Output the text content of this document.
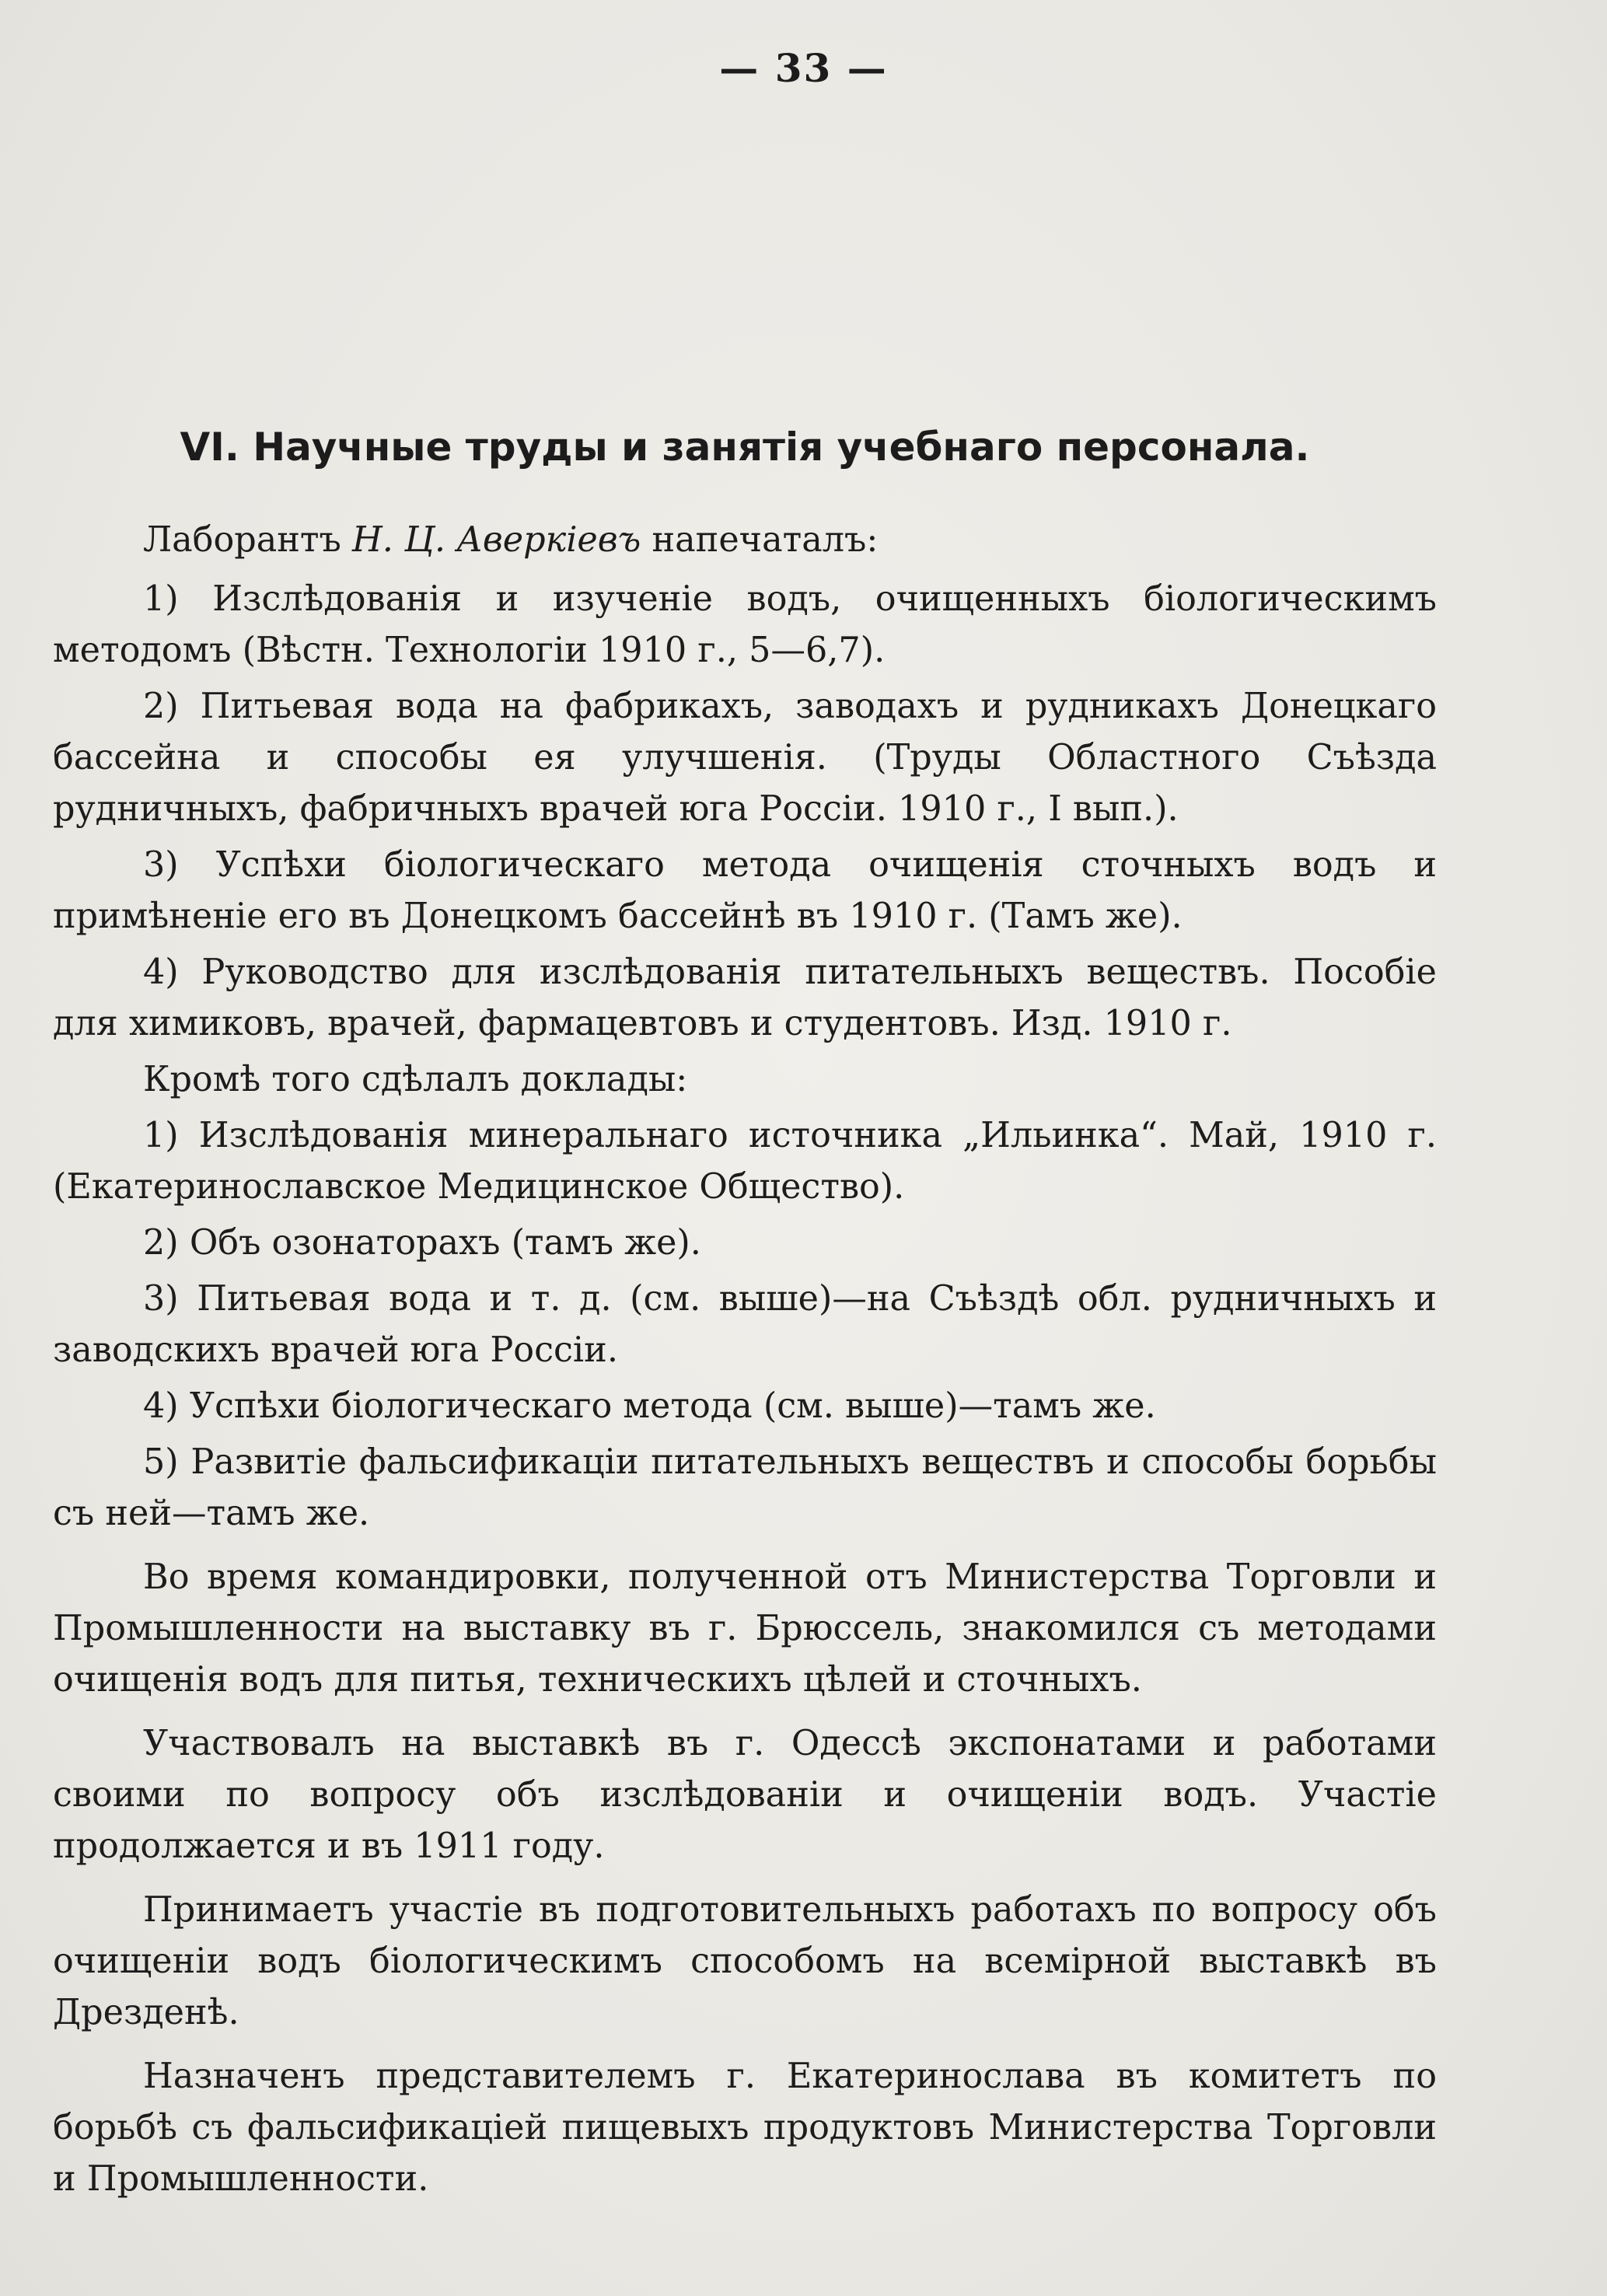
— 33 —
VI. Научные труды и занятія учебнаго персонала.

Лаборантъ Н. Ц. Аверкіевъ напечаталъ:

1) Изслѣдованія и изученіе водъ, очищенныхъ біологическимъ методомъ (Вѣстн. Технологіи 1910 г., 5—6,7).

2) Питьевая вода на фабрикахъ, заводахъ и рудникахъ Донецкаго бассейна и способы ея улучшенія. (Труды Областного Съѣзда рудничныхъ, фабричныхъ врачей юга Россіи. 1910 г., I вып.).

3) Успѣхи біологическаго метода очищенія сточныхъ водъ и примѣненіе его въ Донецкомъ бассейнѣ въ 1910 г. (Тамъ же).

4) Руководство для изслѣдованія питательныхъ веществъ. Пособіе для химиковъ, врачей, фармацевтовъ и студентовъ. Изд. 1910 г.

Кромѣ того сдѣлалъ доклады:

1) Изслѣдованія минеральнаго источника „Ильинка“. Май, 1910 г. (Екатеринославское Медицинское Общество).

2) Объ озонаторахъ (тамъ же).

3) Питьевая вода и т. д. (см. выше)—на Съѣздѣ обл. рудничныхъ и заводскихъ врачей юга Россіи.

4) Успѣхи біологическаго метода (см. выше)—тамъ же.

5) Развитіе фальсификаціи питательныхъ веществъ и способы борьбы съ ней—тамъ же.

Во время командировки, полученной отъ Министерства Торговли и Промышленности на выставку въ г. Брюссель, знакомился съ методами очищенія водъ для питья, техническихъ цѣлей и сточныхъ.

Участвовалъ на выставкѣ въ г. Одессѣ экспонатами и работами своими по вопросу объ изслѣдованіи и очищеніи водъ. Участіе продолжается и въ 1911 году.

Принимаетъ участіе въ подготовительныхъ работахъ по вопросу объ очищеніи водъ біологическимъ способомъ на всемірной выставкѣ въ Дрезденѣ.

Назначенъ представителемъ г. Екатеринослава въ комитетъ по борьбѣ съ фальсификаціей пищевыхъ продуктовъ Министерства Торговли и Промышленности.
